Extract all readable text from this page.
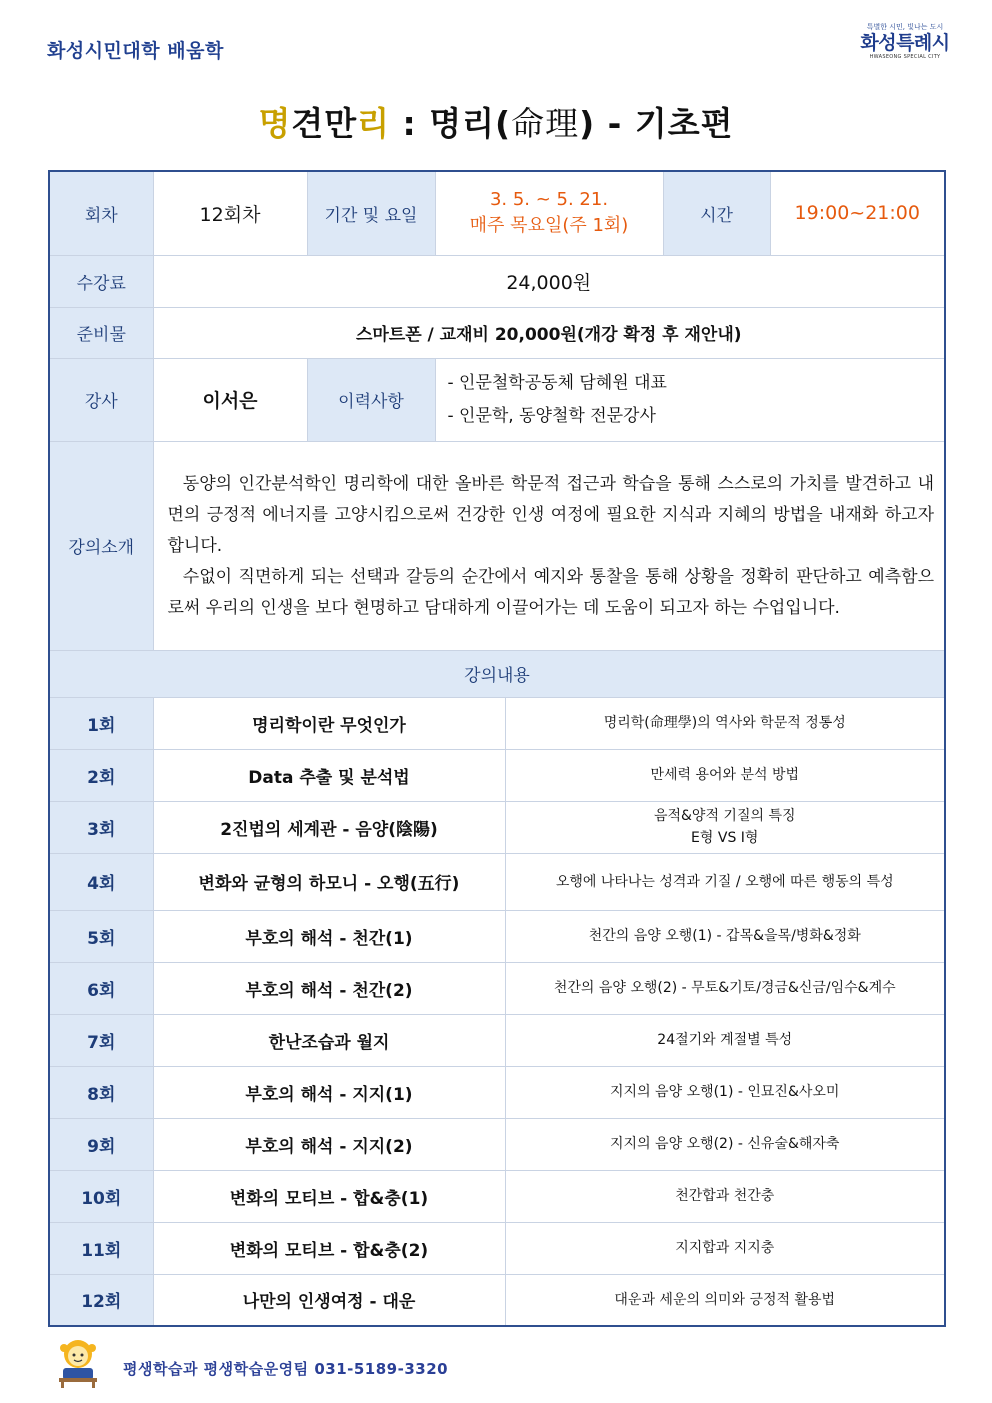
화성시민대학 배움학
특별한 시민, 빛나는 도시
화성특례시
HWASEONG SPECIAL CITY
명견만리 : 명리(命理) - 기초편
회차	12회차	기간 및 요일	3. 5. ~ 5. 21.
매주 목요일(주 1회)		시간	19:00~21:00
수강료	24,000원					
준비물	스마트폰 / 교재비 20,000원(개강 확정 후 재안내)					
강사	이서은	이력사항	- 인문철학공동체 담혜원 대표
- 인문학, 동양철학 전문강사			

강의소개	동양의 인간분석학인 명리학에 대한 올바른 학문적 접근과 학습을 통해 스스로의 가치를 발견하고 내면의 긍정적 에너지를 고양시킴으로써 건강한 인생 여정에 필요한 지식과 지혜의 방법을 내재화 하고자 합니다.

수없이 직면하게 되는 선택과 갈등의 순간에서 예지와 통찰을 통해 상황을 정확히 판단하고 예측함으로써 우리의 인생을 보다 현명하고 담대하게 이끌어가는 데 도움이 되고자 하는 수업입니다.					

강의내용						
1회	명리학이란 무엇인가			명리학(命理學)의 역사와 학문적 정통성		
2회	Data 추출 및 분석법			만세력 용어와 분석 방법		
3회	2진법의 세계관 - 음양(陰陽)			음적&양적 기질의 특징
E형 VS I형		
4회	변화와 균형의 하모니 - 오행(五行)			오행에 나타나는 성격과 기질 / 오행에 따른 행동의 특성		
5회	부호의 해석 - 천간(1)			천간의 음양 오행(1) - 갑목&을목/병화&정화		
6회	부호의 해석 - 천간(2)			천간의 음양 오행(2) - 무토&기토/경금&신금/임수&계수		
7회	한난조습과 월지			24절기와 계절별 특성		
8회	부호의 해석 - 지지(1)			지지의 음양 오행(1) - 인묘진&사오미		
9회	부호의 해석 - 지지(2)			지지의 음양 오행(2) - 신유술&해자축		
10회	변화의 모티브 - 합&충(1)			천간합과 천간충		
11회	변화의 모티브 - 합&충(2)			지지합과 지지충		
12회	나만의 인생여정 - 대운			대운과 세운의 의미와 긍정적 활용법		
평생학습과 평생학습운영팀 031-5189-3320
